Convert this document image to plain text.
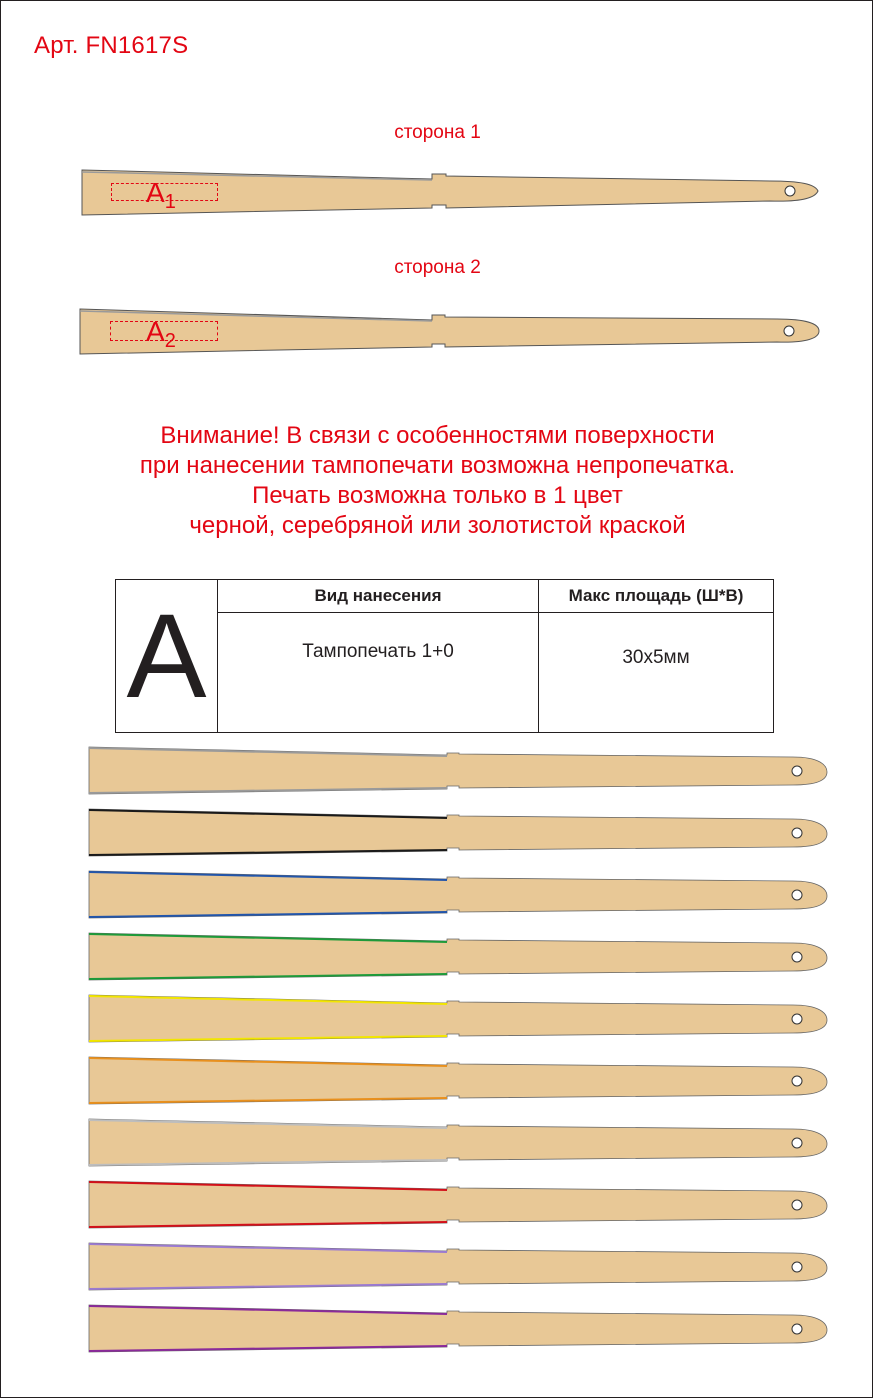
Арт. FN1617S
сторона 1
сторона 2
$A_1$
$A_2$
Внимание! В связи с особенностями поверхности
при нанесении тампопечати возможна непропечатка.
Печать возможна только в 1 цвет
черной, серебряной или золотистой краской
A	Вид нанесения	Макс площадь (Ш*В)
	Тампопечать 1+0	30х5мм
